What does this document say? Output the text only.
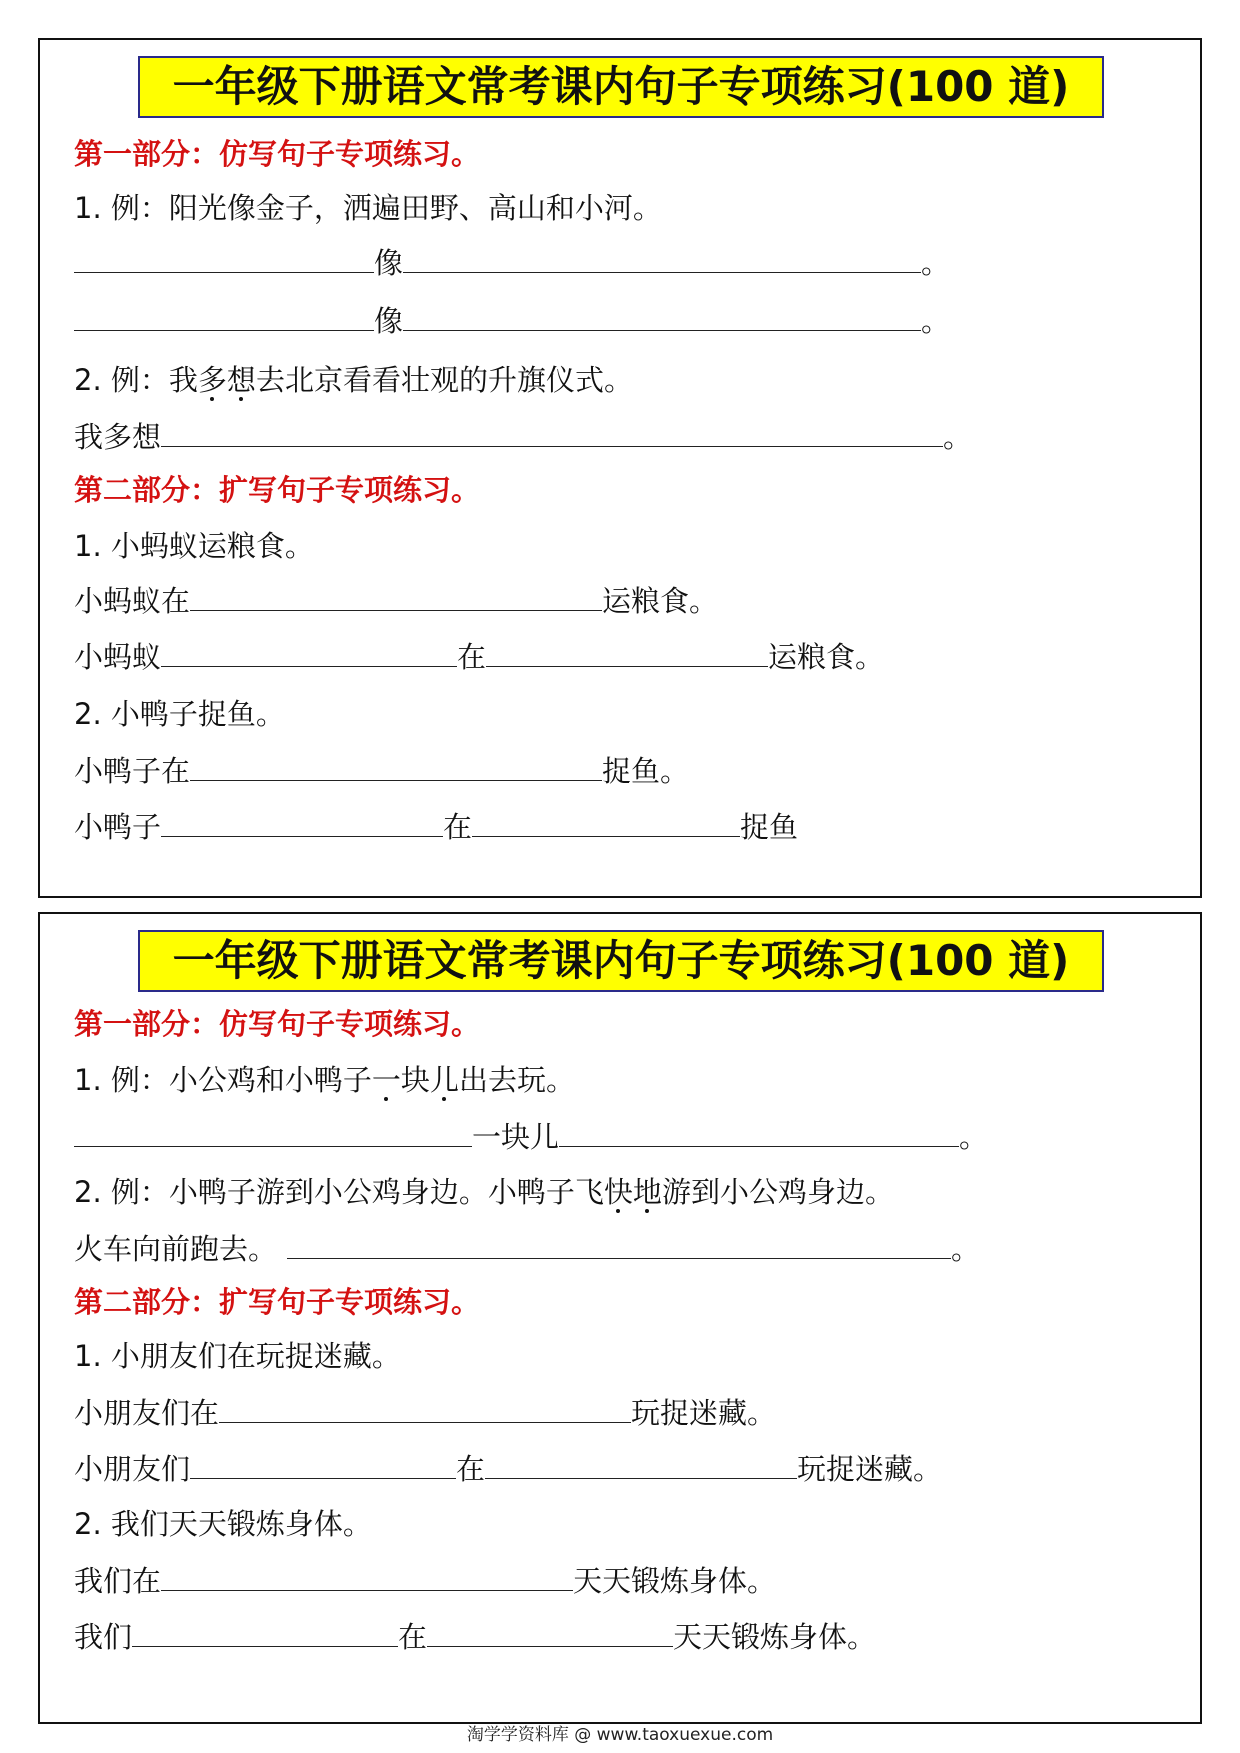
一年级下册语文常考课内句子专项练习(100 道)
第一部分：仿写句子专项练习。
1. 例：阳光像金子，洒遍田野、高山和小河。
像	。
像	。
2. 例：我多想去北京看看壮观的升旗仪式。
我多想	。
第二部分：扩写句子专项练习。
1. 小蚂蚁运粮食。
小蚂蚁在	运粮食。
小蚂蚁	在	运粮食。
2. 小鸭子捉鱼。
小鸭子在	捉鱼。
小鸭子	在	捉鱼
一年级下册语文常考课内句子专项练习(100 道)
第一部分：仿写句子专项练习。
1. 例：小公鸡和小鸭子一块儿出去玩。
一块儿	。
2. 例：小鸭子游到小公鸡身边。小鸭子飞快地游到小公鸡身边。
火车向前跑去。	。
第二部分：扩写句子专项练习。
1. 小朋友们在玩捉迷藏。
小朋友们在	玩捉迷藏。
小朋友们	在	玩捉迷藏。
2. 我们天天锻炼身体。
我们在	天天锻炼身体。
我们	在	天天锻炼身体。
淘学学资料库 @ www.taoxuexue.com
